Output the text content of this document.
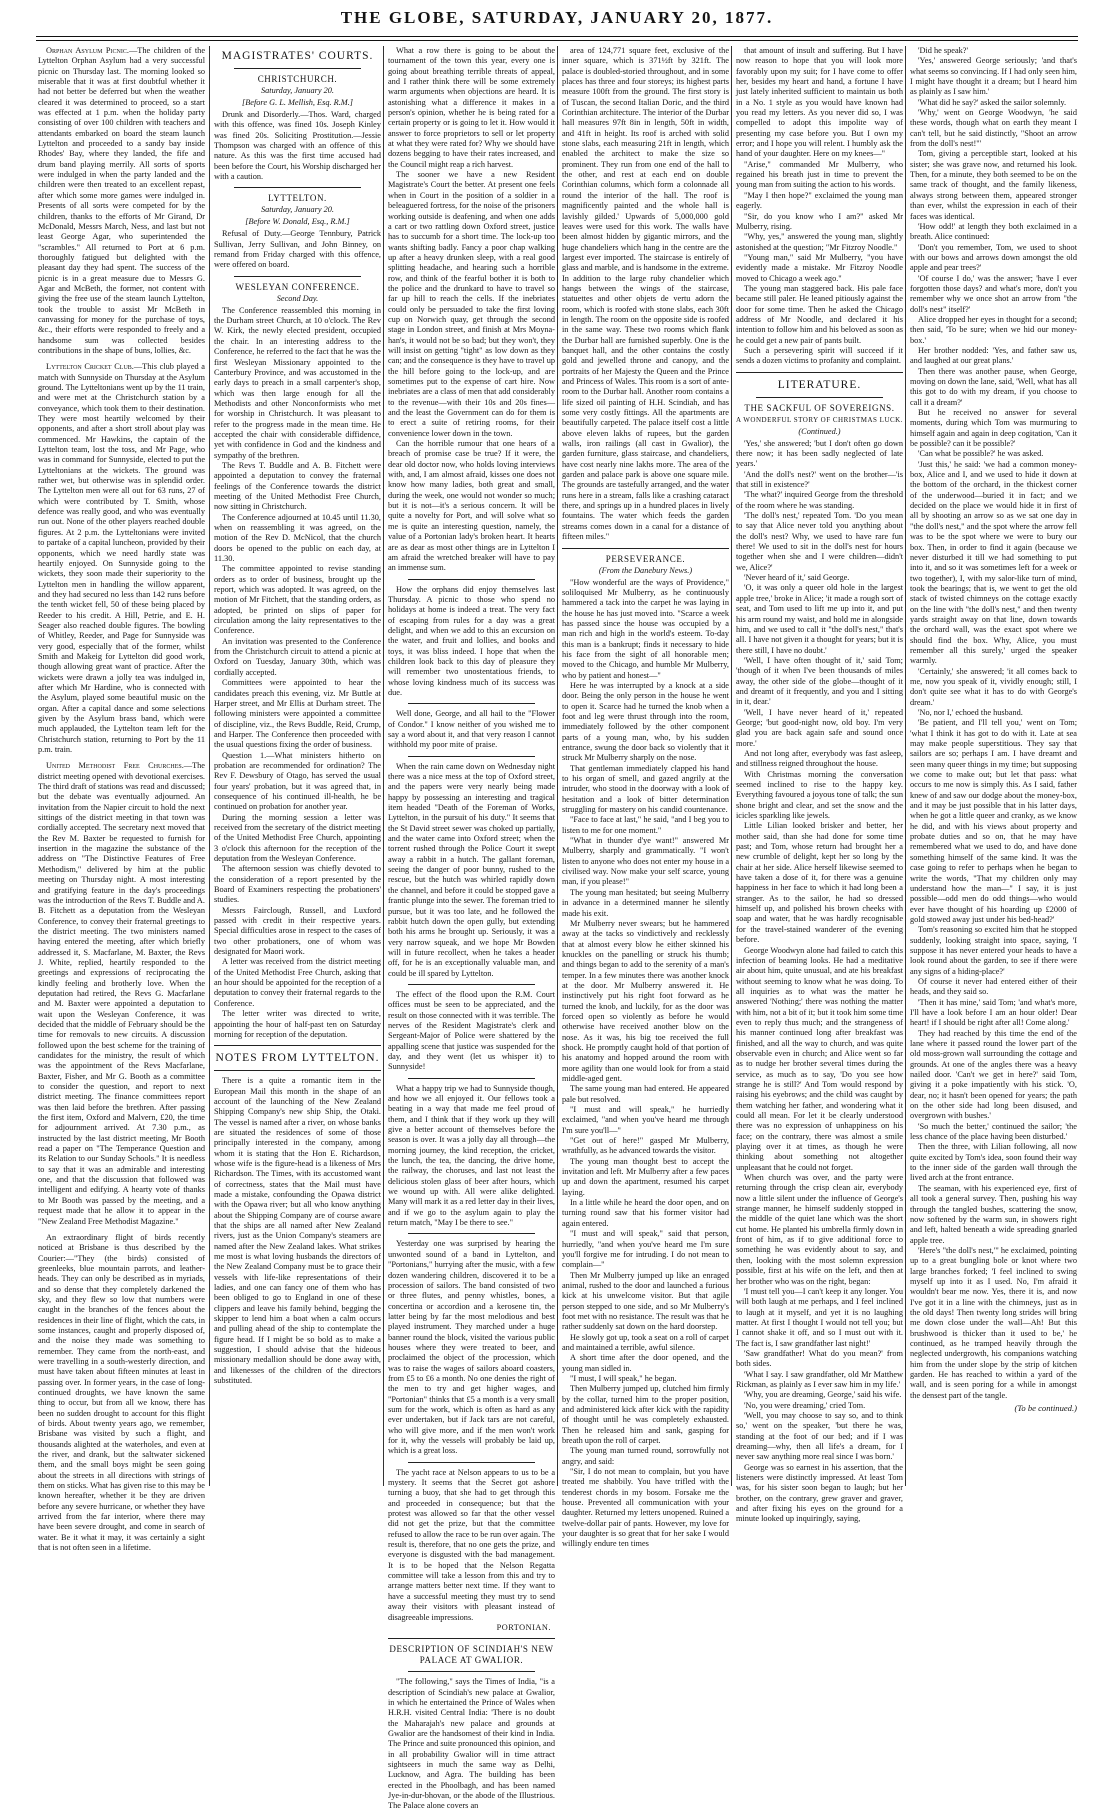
THE GLOBE, SATURDAY, JANUARY 20, 1877.

Orphan Asylum Picnic.—The children of the Lyttelton Orphan Asylum had a very successful picnic on Thursday last. The morning looked so miserable that it was at first doubtful whether it had not better be deferred but when the weather cleared it was determined to proceed, so a start was effected at 1 p.m. when the holiday party consisting of over 100 children with teachers and attendants embarked on board the steam launch Lyttelton and proceeded to a sandy bay inside Rhodes' Bay, where they landed, the fife and drum band playing merrily. All sorts of sports were indulged in when the party landed and the children were then treated to an excellent repast, after which some more games were indulged in. Presents of all sorts were competed for by the children, thanks to the efforts of Mr Girand, Dr McDonald, Messrs March, Ness, and last but not least George Agar, who superintended the "scrambles." All returned to Port at 6 p.m. thoroughly fatigued but delighted with the pleasant day they had spent. The success of the picnic is in a great measure due to Messrs G. Agar and McBeth, the former, not content with giving the free use of the steam launch Lyttelton, took the trouble to assist Mr McBeth in canvassing for money for the purchase of toys, &c., their efforts were responded to freely and a handsome sum was collected besides contributions in the shape of buns, lollies, &c.

Lyttelton Cricket Club.—This club played a match with Sunnyside on Thursday at the Asylum ground. The Lytteltonians went up by the 11 train, and were met at the Christchurch station by a conveyance, which took them to their destination. They were most heartily welcomed by their opponents, and after a short stroll about play was commenced. Mr Hawkins, the captain of the Lyttelton team, lost the toss, and Mr Page, who was in command for Sunnyside, elected to put the Lytteltonians at the wickets. The ground was rather wet, but otherwise was in splendid order. The Lyttelton men were all out for 63 runs, 27 of which were contributed by T. Smith, whose defence was really good, and who was eventually run out. None of the other players reached double figures. At 2 p.m. the Lytteltonians were invited to partake of a capital luncheon, provided by their opponents, which we need hardly state was heartily enjoyed. On Sunnyside going to the wickets, they soon made their superiority to the Lyttelton men in handling the willow apparent, and they had secured no less than 142 runs before the tenth wicket fell, 50 of these being placed by Reeder to his credit. A Hill, Petrie, and E. H. Seager also reached double figures. The bowling of Whitley, Reeder, and Page for Sunnyside was very good, especially that of the former, whilst Smith and Makeig for Lyttelton did good work, though allowing great want of practice. After the wickets were drawn a jolly tea was indulged in, after which Mr Hardine, who is connected with the Asylum, played some beautiful music on the organ. After a capital dance and some selections given by the Asylum brass band, which were much applauded, the Lyttelton team left for the Christchurch station, returning to Port by the 11 p.m. train.

United Methodist Free Churches.—The district meeting opened with devotional exercises. The third draft of stations was read and discussed; but the debate was eventually adjourned. An invitation from the Napier circuit to hold the next sittings of the district meeting in that town was cordially accepted. The secretary next moved that the Rev M. Baxter be requested to furnish for insertion in the magazine the substance of the address on "The Distinctive Features of Free Methodism," delivered by him at the public meeting on Thursday night. A most interesting and gratifying feature in the day's proceedings was the introduction of the Revs T. Buddle and A. B. Fitchett as a deputation from the Wesleyan Conference, to convey their fraternal greetings to the district meeting. The two ministers named having entered the meeting, after which briefly addressed it, S. Macfarlane, M. Baxter, the Revs J. White, replied, heartily responded to the greetings and expressions of reciprocating the kindly feeling and brotherly love. When the deputation had retired, the Revs G. Macfarlane and M. Baxter were appointed a deputation to wait upon the Wesleyan Conference, it was decided that the middle of February should be the time for removals to new circuits. A discussion followed upon the best scheme for the training of candidates for the ministry, the result of which was the appointment of the Revs Macfarlane, Baxter, Fisher, and Mr G. Booth as a committee to consider the question, and report to next district meeting. The finance committees report was then laid before the brethren. After passing the first item, Oxford and Malvern, £20, the time for adjournment arrived. At 7.30 p.m., as instructed by the last district meeting, Mr Booth read a paper on "The Temperance Question and its Relation to our Sunday Schools." It is needless to say that it was an admirable and interesting one, and that the discussion that followed was intelligent and edifying. A hearty vote of thanks to Mr Booth was passed by the meeting, and a request made that he allow it to appear in the "New Zealand Free Methodist Magazine."

An extraordinary flight of birds recently noticed at Brisbane is thus described by the Courier:—"They (the birds) consisted of greenleeks, blue mountain parrots, and leather-heads. They can only be described as in myriads, and so dense that they completely darkened the sky, and they flew so low that numbers were caught in the branches of the fences about the residences in their line of flight, which the cats, in some instances, caught and properly disposed of, and the noise they made was something to remember. They came from the north-east, and were travelling in a south-westerly direction, and must have taken about fifteen minutes at least in passing over. In former years, in the case of long-continued droughts, we have known the same thing to occur, but from all we know, there has been no sudden drought to account for this flight of birds. About twenty years ago, we remember, Brisbane was visited by such a flight, and thousands alighted at the waterholes, and even at the river, and drank, but the saltwater sickened them, and the small boys might be seen going about the streets in all directions with strings of them on sticks. What has given rise to this may be known hereafter, whether it be they are driven before any severe hurricane, or whether they have arrived from the far interior, where there may have been severe drought, and come in search of water. Be it what it may, it was certainly a sight that is not often seen in a lifetime.

MAGISTRATES' COURTS.
CHRISTCHURCH.
Saturday, January 20.
[Before G. L. Mellish, Esq. R.M.]

Drunk and Disorderly.—Thos. Ward, charged with this offence, was fined 10s. Joseph Kinley was fined 20s. Soliciting Prostitution.—Jessie Thompson was charged with an offence of this nature. As this was the first time accused had been before the Court, his Worship discharged her with a caution.

LYTTELTON.
Saturday, January 20.
[Before W. Donald, Esq., R.M.]

Refusal of Duty.—George Tennbury, Patrick Sullivan, Jerry Sullivan, and John Binney, on remand from Friday charged with this offence, were offered on board.

WESLEYAN CONFERENCE.
Second Day.

The Conference reassembled this morning in the Durham street Church, at 10 o'clock. The Rev W. Kirk, the newly elected president, occupied the chair. In an interesting address to the Conference, he referred to the fact that he was the first Wesleyan Missionary appointed to the Canterbury Province, and was accustomed in the early days to preach in a small carpenter's shop, which was then large enough for all the Methodists and other Nonconformists who met for worship in Christchurch. It was pleasant to refer to the progress made in the mean time. He accepted the chair with considerable diffidence, yet with confidence in God and the kindness and sympathy of the brethren.

The Revs T. Buddle and A. B. Fitchett were appointed a deputation to convey the fraternal feelings of the Conference towards the district meeting of the United Methodist Free Church, now sitting in Christchurch.

The Conference adjourned at 10.45 until 11.30, when on reassembling it was agreed, on the motion of the Rev D. McNicol, that the church doors be opened to the public on each day, at 11.30.

The committee appointed to revise standing orders as to order of business, brought up the report, which was adopted. It was agreed, on the motion of Mr Fitchett, that the standing orders, as adopted, be printed on slips of paper for circulation among the laity representatives to the Conference.

An invitation was presented to the Conference from the Christchurch circuit to attend a picnic at Oxford on Tuesday, January 30th, which was cordially accepted.

Committees were appointed to hear the candidates preach this evening, viz. Mr Buttle at Harper street, and Mr Ellis at Durham street. The following ministers were appointed a committee of discipline, viz., the Revs Buddle, Reid, Crump, and Harper. The Conference then proceeded with the usual questions fixing the order of business.

Question 1.—What ministers hitherto on probation are recommended for ordination? The Rev F. Dewsbury of Otago, has served the usual four years' probation, but it was agreed that, in consequence of his continued ill-health, he be continued on probation for another year.

During the morning session a letter was received from the secretary of the district meeting of the United Methodist Free Church, appointing 3 o'clock this afternoon for the reception of the deputation from the Wesleyan Conference.

The afternoon session was chiefly devoted to the consideration of a report presented by the Board of Examiners respecting the probationers' studies.

Messrs Fairclough, Russell, and Luxford passed with credit in their respective years. Special difficulties arose in respect to the cases of two other probationers, one of whom was designated for Maori work.

A letter was received from the district meeting of the United Methodist Free Church, asking that an hour should be appointed for the reception of a deputation to convey their fraternal regards to the Conference.

The letter writer was directed to write, appointing the hour of half-past ten on Saturday morning for reception of the deputation.

NOTES FROM LYTTELTON.

There is a quite a romantic item in the European Mail this month in the shape of an account of the launching of the New Zealand Shipping Company's new ship Ship, the Otaki. The vessel is named after a river, on whose banks are situated the residences of some of those principally interested in the company, among whom it is stating that the Hon E. Richardson, whose wife is the figure-head is a likeness of Mrs Richardson. The Times, with its accustomed want of correctness, states that the Mail must have made a mistake, confounding the Opawa district with the Opawa river; but all who know anything about the Shipping Company are of course aware that the ships are all named after New Zealand rivers, just as the Union Company's steamers are named after the New Zealand lakes. What strikes me most is what loving husbands the directors of the New Zealand Company must be to grace their vessels with life-like representations of their ladies, and one can fancy one of them who has been obliged to go to England in one of these clippers and leave his family behind, begging the skipper to lend him a boat when a calm occurs and pulling ahead of the ship to contemplate the figure head. If I might be so bold as to make a suggestion, I should advise that the hideous missionary medallion should be done away with, and likenesses of the children of the directors substituted.

What a row there is going to be about the tournament of the town this year, every one is going about breathing terrible threats of appeal, and I rather think there will be some extremely warm arguments when objections are heard. It is astonishing what a difference it makes in a person's opinion, whether he is being rated for a certain property or is going to let it. How would it answer to force proprietors to sell or let property at what they were rated for? Why we should have dozens begging to have their rates increased, and the Council might reap a rich harvest.

The sooner we have a new Resident Magistrate's Court the better. At present one feels when in Court in the position of a soldier in a beleaguered fortress, for the noise of the prisoners working outside is deafening, and when one adds a cart or two rattling down Oxford street, justice has to succumb for a short time. The lock-up too wants shifting badly. Fancy a poor chap walking up after a heavy drunken sleep, with a real good splitting headache, and hearing such a horrible row, and think of the fearful bother it is both to the police and the drunkard to have to travel so far up hill to reach the cells. If the inebriates could only be persuaded to take the first loving cup on Norwich quay, get through the second stage in London street, and finish at Mrs Moyna-han's, it would not be so bad; but they won't, they will insist on getting "tight" as low down as they can; and the consequence is they have to travel up the hill before going to the lock-up, and are sometimes put to the expense of cart hire. Now inebriates are a class of men that add considerably to the revenue—with their 10s and 20s fines—and the least the Government can do for them is to erect a suite of retiring rooms, for their convenience lower down in the town.

Can the horrible rumour that one hears of a breach of promise case be true? If it were, the dear old doctor now, who holds loving interviews with, and, I am almost afraid, kisses one does not know how many ladies, both great and small, during the week, one would not wonder so much; but it is not—it's a serious concern. It will be quite a novelty for Port, and will solve what so me is quite an interesting question, namely, the value of a Portonian lady's broken heart. It hearts are as dear as most other things are in Lyttelton I am afraid the wretched breaker will have to pay an immense sum.

How the orphans did enjoy themselves last Thursday. A picnic to those who spend no holidays at home is indeed a treat. The very fact of escaping from rules for a day was a great delight, and when we add to this an excursion on the water, and fruit and lollies, and books and toys, it was bliss indeed. I hope that when the children look back to this day of pleasure they will remember two unostentatious friends, to whose loving kindness much of its success was due.

Well done, George, and all hail to the "Flower of Condor." I know neither of you wished me to say a word about it, and that very reason I cannot withhold my poor mite of praise.

When the rain came down on Wednesday night there was a nice mess at the top of Oxford street, and the papers were very nearly being made happy by possessing an interesting and tragical item headed "Death of the Foreman of Works, Lyttelton, in the pursuit of his duty." It seems that the St David street sewer was choked up partially, and the water came into Oxford street; when the torrent rushed through the Police Court it swept away a rabbit in a hutch. The gallant foreman, seeing the danger of poor bunny, rushed to the rescue, but the hutch was whirled rapidly down the channel, and before it could be stopped gave a frantic plunge into the sewer. The foreman tried to pursue, but it was too late, and he followed the rabbit hutch down the open gully, but extending both his arms he brought up. Seriously, it was a very narrow squeak, and we hope Mr Bowden will in future recollect, when he takes a header off, for he is an exceptionally valuable man, and could be ill spared by Lyttelton.

The effect of the flood upon the R.M. Court offices must be seen to be appreciated, and the result on those connected with it was terrible. The nerves of the Resident Magistrate's clerk and Sergeant-Major of Police were shattered by the appalling scene that justice was suspended for the day, and they went (let us whisper it) to Sunnyside!

What a happy trip we had to Sunnyside though, and how we all enjoyed it. Our fellows took a beating in a way that made me feel proud of them, and I think that if they work up they will give a better account of themselves before the season is over. It was a jolly day all through—the morning journey, the kind reception, the cricket, the lunch, the tea, the dancing, the drive home, the railway, the choruses, and last not least the delicious stolen glass of beer after hours, which we wound up with. All were alike delighted. Many will mark it as a red letter day in their lives, and if we go to the asylum again to play the return match, "May I be there to see."

Yesterday one was surprised by hearing the unwonted sound of a band in Lyttelton, and "Portonians," hurrying after the music, with a few dozen wandering children, discovered it to be a procession of sailors. The band consisted of two or three flutes, and penny whistles, bones, a concertina or accordion and a kerosene tin, the latter being by far the most melodious and best played instrument. They marched under a huge banner round the block, visited the various public houses where they were treated to beer, and proclaimed the object of the procession, which was to raise the wages of sailors aboard coasters, from £5 to £6 a month. No one denies the right of the men to try and get higher wages, and "Portonian" thinks that £5 a month is a very small sum for the work, which is often as hard as any ever undertaken, but if Jack tars are not careful, who will give more, and if the men won't work for it, why the vessels will probably be laid up, which is a great loss.

The yacht race at Nelson appears to us to be a mystery. It seems that the Secret got ashore turning a buoy, that she had to get through this and proceeded in consequence; but that the protest was allowed so far that the other vessel did not get the prize, but that the committee refused to allow the race to be run over again. The result is, therefore, that no one gets the prize, and everyone is disgusted with the bad management. It is to be hoped that the Nelson Regatta committee will take a lesson from this and try to arrange matters better next time. If they want to have a successful meeting they must try to send away their visitors with pleasant instead of disagreeable impressions.

PORTONIAN.
DESCRIPTION OF SCINDIAH'S NEW PALACE AT GWALIOR.

"The following," says the Times of India, "is a description of Scindiah's new palace at Gwalior, in which he entertained the Prince of Wales when H.R.H. visited Central India: 'There is no doubt the Maharajah's new palace and grounds at Gwalior are the handsomest of their kind in India. The Prince and suite pronounced this opinion, and in all probability Gwalior will in time attract sightseers in much the same way as Delhi, Lucknow, and Agra. The building has been erected in the Phoolbagh, and has been named Jye-in-dur-bhovan, or the abode of the Illustrious. The Palace alone covers an

area of 124,771 square feet, exclusive of the inner square, which is 371½ft by 321ft. The palace is doubled-storied throughout, and in some places has three and four storeys; its highest parts measure 100ft from the ground. The first story is of Tuscan, the second Italian Doric, and the third Corinthian architecture. The interior of the Durbar hall measures 97ft 8in in length, 50ft in width, and 41ft in height. Its roof is arched with solid stone slabs, each measuring 21ft in length, which enabled the architect to make the size so prominent. They run from one end of the hall to the other, and rest at each end on double Corinthian columns, which form a colonnade all round the interior of the hall. The roof is magnificently painted and the whole hall is lavishly gilded.' Upwards of 5,000,000 gold leaves were used for this work. The walls have been almost hidden by gigantic mirrors, and the huge chandeliers which hang in the centre are the largest ever imported. The staircase is entirely of glass and marble, and is handsome in the extreme. In addition to the large ruby chandelier which hangs between the wings of the staircase, statuettes and other objets de vertu adorn the room, which is roofed with stone slabs, each 30ft in length. The room on the opposite side is roofed in the same way. These two rooms which flank the Durbar hall are furnished superbly. One is the banquet hall, and the other contains the costly gold and jewelled throne and canopy, and the portraits of her Majesty the Queen and the Prince and Princess of Wales. This room is a sort of ante-room to the Durbar hall. Another room contains a life sized oil painting of H.H. Scindiah, and has some very costly fittings. All the apartments are beautifully carpeted. The palace itself cost a little above eleven lakhs of rupees, but the garden walls, iron railings (all cast in Gwalior), the garden furniture, glass staircase, and chandeliers, have cost nearly nine lakhs more. The area of the garden and palace park is above one square mile. The grounds are tastefully arranged, and the water runs here in a stream, falls like a crashing cataract there, and springs up in a hundred places in lively fountains. The water which feeds the garden streams comes down in a canal for a distance of fifteen miles."

PERSEVERANCE.
(From the Danebury News.)

"How wonderful are the ways of Providence," soliloquised Mr Mulberry, as he continuously hammered a tack into the carpet he was laying in the house he has just moved into. "Scarce a week has passed since the house was occupied by a man rich and high in the world's esteem. To-day this man is a bankrupt; finds it necessary to hide his face from the sight of all honorable men; moved to the Chicago, and humble Mr Mulberry, who by patient and honest—"

Here he was interrupted by a knock at a side door. Being the only person in the house he went to open it. Scarce had he turned the knob when a foot and leg were thrust through into the room, immediately followed by the other component parts of a young man, who, by his sudden entrance, swung the door back so violently that it struck Mr Mulberry sharply on the nose.

That gentleman immediately clapped his hand to his organ of smell, and gazed angrily at the intruder, who stood in the doorway with a look of hesitation and a look of bitter determination struggling for mastery on his candid countenance.

"Face to face at last," he said, "and I beg you to listen to me for one moment."

"What in thunder d'ye want!" answered Mr Mulberry, sharply and grammatically. "I won't listen to anyone who does not enter my house in a civilised way. Now make your self scarce, young man, if you please!"

The young man hesitated; but seeing Mulberry in advance in a determined manner he silently made his exit.

Mr Mulberry never swears; but he hammered away at the tacks so vindictively and recklessly that at almost every blow he either skinned his knuckles on the panelling or struck his thumb; and things began to add to the serenity of a man's temper. In a few minutes there was another knock at the door. Mr Mulberry answered it. He instinctively put his right foot forward as he turned the knob, and luckily, for as the door was forced open so violently as before he would otherwise have received another blow on the nose. As it was, his big toe received the full shock. He promptly caught hold of that portion of his anatomy and hopped around the room with more agility than one would look for from a staid middle-aged gent.

The same young man had entered. He appeared pale but resolved.

"I must and will speak," he hurriedly exclaimed, "and when you've heard me through I'm sure you'll—"

"Get out of here!" gasped Mr Mulberry, wrathfully, as he advanced towards the visitor.

The young man thought best to accept the invitation and left. Mr Mulberry after a few paces up and down the apartment, resumed his carpet laying.

In a little while he heard the door open, and on turning round saw that his former visitor had again entered.

"I must and will speak," said that person, hurriedly, "and when you've heard me I'm sure you'll forgive me for intruding. I do not mean to complain—"

Then Mr Mulberry jumped up like an enraged animal, rushed to the door and launched a furious kick at his unwelcome visitor. But that agile person stepped to one side, and so Mr Mulberry's foot met with no resistance. The result was that he rather suddenly sat down on the hard doorstep.

He slowly got up, took a seat on a roll of carpet and maintained a terrible, awful silence.

A short time after the door opened, and the young man sidled in.

"I must, I will speak," he began.

Then Mulberry jumped up, clutched him firmly by the collar, turned him to the proper position, and administered kick after kick with the rapidity of thought until he was completely exhausted. Then he released him and sank, gasping for breath upon the roll of carpet.

The young man turned round, sorrowfully not angry, and said:

"Sir, I do not mean to complain, but you have treated me shabbily. You have trifled with the tenderest chords in my bosom. Forsake me the house. Prevented all communication with your daughter. Returned my letters unopened. Ruined a twelve-dollar pair of pants. However, my love for your daughter is so great that for her sake I would willingly endure ten times

that amount of insult and suffering. But I have now reason to hope that you will look more favorably upon my suit; for I have come to offer her, besides my heart and hand, a fortune I have just lately inherited sufficient to maintain us both in a No. 1 style as you would have known had you read my letters. As you never did so, I was compelled to adopt this impolite way of presenting my case before you. But I own my error; and I hope you will relent. I humbly ask the hand of your daughter. Here on my knees—"

"Arise," commanded Mr Mulberry, who regained his breath just in time to prevent the young man from suiting the action to his words.

"May I then hope?" exclaimed the young man eagerly.

"Sir, do you know who I am?" asked Mr Mulberry, rising.

"Why, yes," answered the young man, slightly astonished at the question; "Mr Fitzroy Noodle."

"Young man," said Mr Mulberry, "you have evidently made a mistake. Mr Fitzroy Noodle moved to Chicago a week ago."

The young man staggered back. His pale face became still paler. He leaned pitiously against the door for some time. Then he asked the Chicago address of Mr Noodle, and declared it his intention to follow him and his beloved as soon as he could get a new pair of pants built.

Such a persevering spirit will succeed if it sends a dozen victims to profanity and complaint.

LITERATURE.
THE SACKFUL OF SOVEREIGNS.
A WONDERFUL STORY OF CHRISTMAS LUCK.
(Continued.)

'Yes,' she answered; 'but I don't often go down there now; it has been sadly neglected of late years.'

'And the doll's nest?' went on the brother—'is that still in existence?'

'The what?' inquired George from the threshold of the room where he was standing.

'The doll's nest,' repeated Tom. 'Do you mean to say that Alice never told you anything about the doll's nest? Why, we used to have rare fun there! We used to sit in the doll's nest for hours together when she and I were children—didn't we, Alice?'

'Never heard of it,' said George.

'O, it was only a queer old hole in the largest apple tree,' broke in Alice; 'it made a rough sort of seat, and Tom used to lift me up into it, and put his arm round my waist, and hold me in alongside him, and we used to call it "the doll's nest," that's all. I have not given it a thought for years; but it is there still, I have no doubt.'

'Well, I have often thought of it,' said Tom; 'though of it when I've been thousands of miles away, the other side of the globe—thought of it and dreamt of it frequently, and you and I sitting in it, dear.'

'Well, I have never heard of it,' repeated George; 'but good-night now, old boy. I'm very glad you are back again safe and sound once more.'

And not long after, everybody was fast asleep, and stillness reigned throughout the house.

With Christmas morning the conversation seemed inclined to rise to the happy key. Everything favoured a joyous tone of talk; the sun shone bright and clear, and set the snow and the icicles sparkling like jewels.

Little Lilian looked brisker and better, her mother said, than she had done for some time past; and Tom, whose return had brought her a new crumble of delight, kept her so long by the chair at her side. Alice herself likewise seemed to have taken a dose of it, for there was a genuine happiness in her face to which it had long been a stranger. As to the sailor, he had so dressed himself up, and polished his brown cheeks with soap and water, that he was hardly recognisable for the travel-stained wanderer of the evening before.

George Woodwyn alone had failed to catch this infection of beaming looks. He had a meditative air about him, quite unusual, and ate his breakfast without seeming to know what he was doing. To all inquiries as to what was the matter he answered 'Nothing;' there was nothing the matter with him, not a bit of it; but it took him some time even to reply thus much; and the strangeness of his manner continued long after breakfast was finished, and all the way to church, and was quite observable even in church; and Alice went so far as to nudge her brother several times during the service, as much as to say, 'Do you see how strange he is still?' And Tom would respond by raising his eyebrows; and the child was caught by them watching her father, and wondering what it could all mean. For let it be clearly understood there was no expression of unhappiness on his face; on the contrary, there was almost a smile playing over it at times, as though he were thinking about something not altogether unpleasant that he could not forget.

When church was over, and the party were returning through the crisp clean air, everybody now a little silent under the influence of George's strange manner, he himself suddenly stopped in the middle of the quiet lane which was the short cut home. He planted his umbrella firmly down in front of him, as if to give additional force to something he was evidently about to say, and then, looking with the most solemn expression possible, first at his wife on the left, and then at her brother who was on the right, began:

'I must tell you—I can't keep it any longer. You will both laugh at me perhaps, and I feel inclined to laugh at it myself, and yet it is no laughing matter. At first I thought I would not tell you; but I cannot shake it off, and so I must out with it. The fact is, I saw grandfather last night!'

'Saw grandfather! What do you mean?' from both sides.

'What I say. I saw grandfather, old Mr Matthew Rickman, as plainly as I ever saw him in my life.'

'Why, you are dreaming, George,' said his wife.

'No, you were dreaming,' cried Tom.

'Well, you may choose to say so, and to think so,' went on the speaker, 'but there he was, standing at the foot of our bed; and if I was dreaming—why, then all life's a dream, for I never saw anything more real since I was born.'

George was so earnest in his assertion, that the listeners were distinctly impressed. At least Tom was, for his sister soon began to laugh; but her brother, on the contrary, grew graver and graver, and after fixing his eyes on the ground for a minute looked up inquiringly, saying,

'Did he speak?'

'Yes,' answered George seriously; 'and that's what seems so convincing. If I had only seen him, I might have thought it a dream; but I heard him as plainly as I saw him.'

'What did he say?' asked the sailor solemnly.

'Why,' went on George Woodwyn, 'he said these words, though what on earth they meant I can't tell, but he said distinctly, "Shoot an arrow from the doll's nest!"'

Tom, giving a perceptible start, looked at his sister; she was grave now, and returned his look. Then, for a minute, they both seemed to be on the same track of thought, and the family likeness, always strong between them, appeared stronger than ever, whilst the expression in each of their faces was identical.

'How odd!' at length they both exclaimed in a breath. Alice continued:

'Don't you remember, Tom, we used to shoot with our bows and arrows down amongst the old apple and pear trees?'

'Of course I do,' was the answer; 'have I ever forgotten those days? and what's more, don't you remember why we once shot an arrow from "the doll's nest" itself?'

Alice dropped her eyes in thought for a second; then said, 'To be sure; when we hid our money-box.'

Her brother nodded: 'Yes, and father saw us, and laughed at our great plans.'

Then there was another pause, when George, moving on down the lane, said, 'Well, what has all this got to do with my dream, if you choose to call it a dream?'

But he received no answer for several moments, during which Tom was murmuring to himself again and again in deep cogitation, 'Can it be possible? can it be possible?'

'Can what be possible?' he was asked.

'Just this,' he said: 'we had a common money-box, Alice and I, and we used to hide it down at the bottom of the orchard, in the thickest corner of the underwood—buried it in fact; and we decided on the place we would hide it in first of all by shooting an arrow so as we sat one day in "the doll's nest," and the spot where the arrow fell was to be the spot where we were to bury our box. Then, in order to find it again (because we never disturbed it till we had something to put into it, and so it was sometimes left for a week or two together), I, with my salor-like turn of mind, took the bearings; that is, we went to get the old stack of twisted chimneys on the cottage exactly on the line with "the doll's nest," and then twenty yards straight away on that line, down towards the orchard wall, was the exact spot where we should find the box. Why, Alice, you must remember all this surely,' urged the speaker warmly.

'Certainly,' she answered; 'it all comes back to me, now you speak of it, vividly enough; still, I don't quite see what it has to do with George's dream.'

'No, nor I,' echoed the husband.

'Be patient, and I'll tell you,' went on Tom; 'what I think it has got to do with it. Late at sea may make people superstitious. They say that sailors are so; perhaps I am. I have dreamt and seen many queer things in my time; but supposing we come to make out; but let that pass: what occurs to me now is simply this. As I said, father knew of and saw our dodge about the money-box, and it may be just possible that in his latter days, when he got a little queer and cranky, as we know he did, and with his views about property and probate duties and so on, that he may have remembered what we used to do, and have done something himself of the same kind. It was the case going to refer to perhaps when he began to write the words, "That my children only may understand how the man—" I say, it is just possible—odd men do odd things—who would ever have thought of his hoarding up £2000 of gold stowed away just under his bed-head?'

Tom's reasoning so excited him that he stopped suddenly, looking straight into space, saying, 'I suppose it has never entered your heads to have a look round about the garden, to see if there were any signs of a hiding-place?'

Of course it never had entered either of their heads, and they said so.

'Then it has mine,' said Tom; 'and what's more, I'll have a look before I am an hour older! Dear heart! if I should be right after all! Come along.'

They had reached by this time the end of the lane where it passed round the lower part of the old moss-grown wall surrounding the cottage and grounds. At one of the angles there was a heavy nailed door. 'Can't we get in here?' said Tom, giving it a poke impatiently with his stick. 'O, dear, no; it hasn't been opened for years; the path on the other side had long been disused, and overgrown with bushes.'

'So much the better,' continued the sailor; 'the less chance of the place having been disturbed.'

Then the three, with Lilian following, all now quite excited by Tom's idea, soon found their way to the inner side of the garden wall through the lived arch at the front entrance.

The seaman, with his experienced eye, first of all took a general survey. Then, pushing his way through the tangled bushes, scattering the snow, now softened by the warm sun, in showers right and left, halted beneath a wide spreading gnarled apple tree.

'Here's "the doll's nest,"' he exclaimed, pointing up to a great bungling bole or knot where two large branches forked; 'I feel inclined to swing myself up into it as I used. No, I'm afraid it wouldn't bear me now. Yes, there it is, and now I've got it in a line with the chimneys, just as in the old days! Then twenty long strides will bring me down close under the wall—Ah! But this brushwood is thicker than it used to be,' he continued, as he tramped heavily through the neglected undergrowth, his companions watching him from the under slope by the strip of kitchen garden. He has reached to within a yard of the wall, and is seen poring for a while in amongst the densest part of the tangle.

(To be continued.)
